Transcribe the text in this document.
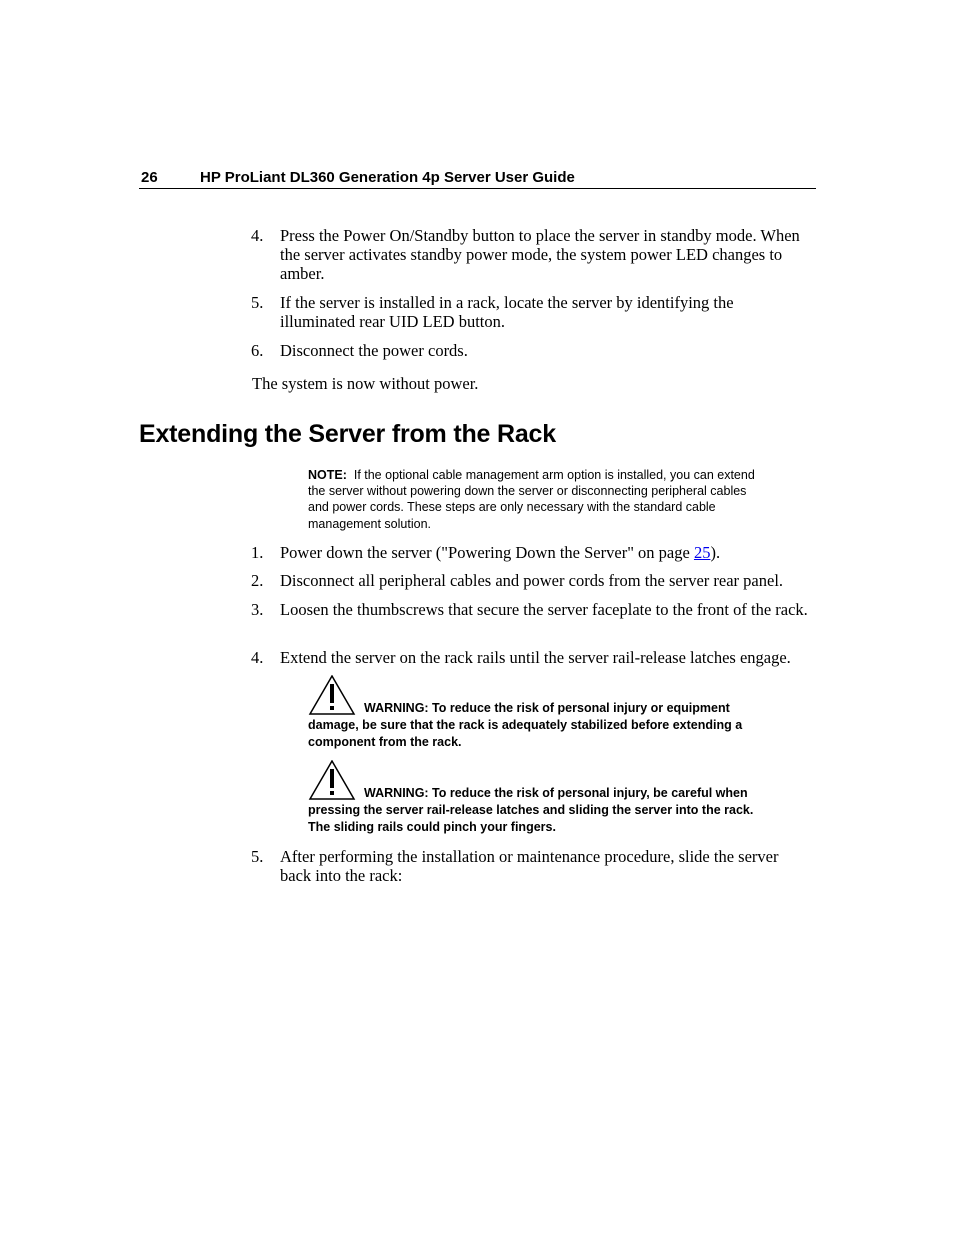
26	HP ProLiant DL360 Generation 4p Server User Guide
4. Press the Power On/Standby button to place the server in standby mode. When the server activates standby power mode, the system power LED changes to amber.
5. If the server is installed in a rack, locate the server by identifying the illuminated rear UID LED button.
6. Disconnect the power cords.
The system is now without power.
Extending the Server from the Rack
NOTE: If the optional cable management arm option is installed, you can extend the server without powering down the server or disconnecting peripheral cables and power cords. These steps are only necessary with the standard cable management solution.
1. Power down the server ("Powering Down the Server" on page 25).
2. Disconnect all peripheral cables and power cords from the server rear panel.
3. Loosen the thumbscrews that secure the server faceplate to the front of the rack.
4. Extend the server on the rack rails until the server rail-release latches engage.
WARNING: To reduce the risk of personal injury or equipment damage, be sure that the rack is adequately stabilized before extending a component from the rack.
WARNING: To reduce the risk of personal injury, be careful when pressing the server rail-release latches and sliding the server into the rack. The sliding rails could pinch your fingers.
5. After performing the installation or maintenance procedure, slide the server back into the rack:
